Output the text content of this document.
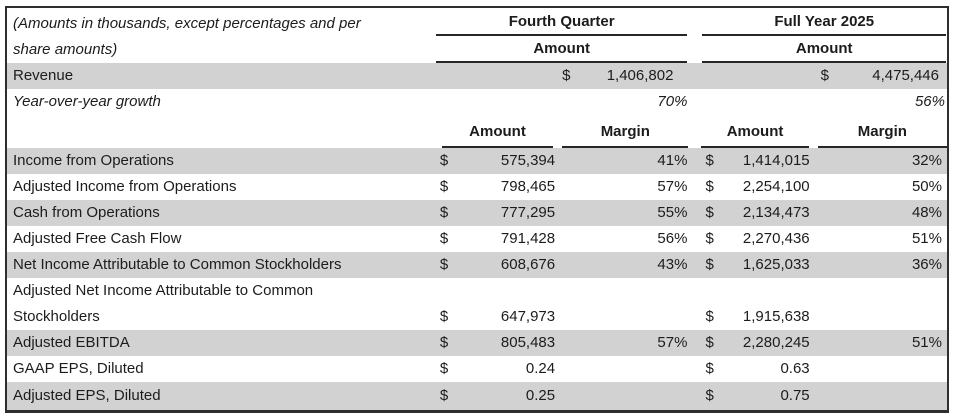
(Amounts in thousands, except percentages and per
share amounts)	Fourth Quarter				Full Year 2025		

Amount				Amount		

Revenue	$ 1,406,802				$ 4,475,446		
Year-over-year growth	70%				56%		

Amount		Margin		Amount		Margin

Income from Operations	$	575,394	41%		$	1,414,015	32%
Adjusted Income from Operations	$	798,465	57%		$	2,254,100	50%
Cash from Operations	$	777,295	55%		$	2,134,473	48%
Adjusted Free Cash Flow	$	791,428	56%		$	2,270,436	51%
Net Income Attributable to Common Stockholders	$	608,676	43%		$	1,625,033	36%
Adjusted Net Income Attributable to Common							
Stockholders	$	647,973			$	1,915,638	
Adjusted EBITDA	$	805,483	57%		$	2,280,245	51%
GAAP EPS, Diluted	$	0.24			$	0.63	
Adjusted EPS, Diluted	$	0.25			$	0.75	
